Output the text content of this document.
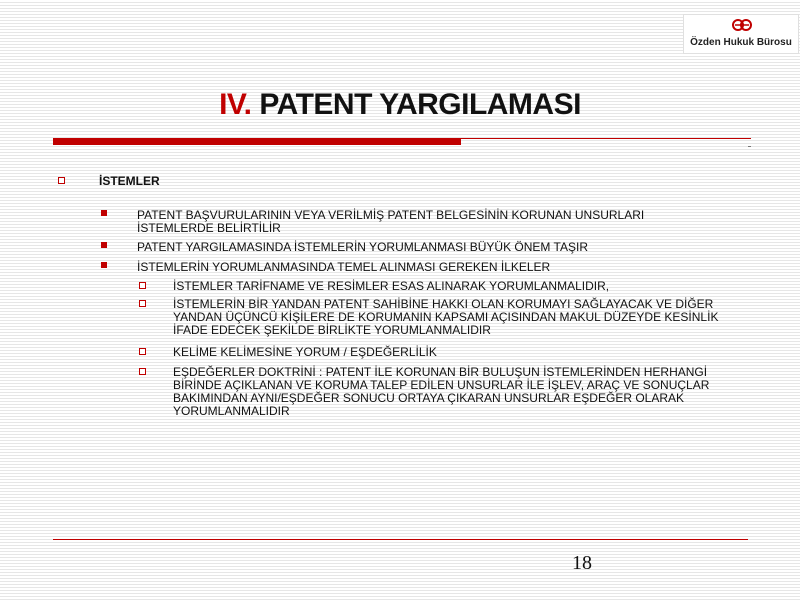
Özden Hukuk Bürosu
IV. PATENT YARGILAMASI
İSTEMLER
PATENT BAŞVURULARININ VEYA VERİLMİŞ PATENT BELGESİNİN KORUNAN UNSURLARI İSTEMLERDE BELİRTİLİR
PATENT YARGILAMASINDA İSTEMLERİN YORUMLANMASI BÜYÜK ÖNEM TAŞIR
İSTEMLERİN YORUMLANMASINDA TEMEL ALINMASI GEREKEN İLKELER
İSTEMLER TARİFNAME VE RESİMLER ESAS ALINARAK YORUMLANMALIDIR,
İSTEMLERİN BİR YANDAN PATENT SAHİBİNE HAKKI OLAN KORUMAYI SAĞLAYACAK VE DİĞER YANDAN ÜÇÜNCÜ KİŞİLERE DE KORUMANIN KAPSAMI AÇISINDAN MAKUL DÜZEYDE KESİNLİK İFADE EDECEK ŞEKİLDE BİRLİKTE YORUMLANMALIDIR
KELİME KELİMESİNE YORUM / EŞDEĞERLİLİK
EŞDEĞERLER DOKTRİNİ : PATENT İLE KORUNAN BİR BULUŞUN İSTEMLERİNDEN HERHANGİ BİRİNDE AÇIKLANAN VE KORUMA TALEP EDİLEN UNSURLAR İLE İŞLEV, ARAÇ VE SONUÇLAR BAKIMINDAN AYNI/EŞDEĞER SONUCU ORTAYA ÇIKARAN UNSURLAR EŞDEĞER OLARAK YORUMLANMALIDIR
18
